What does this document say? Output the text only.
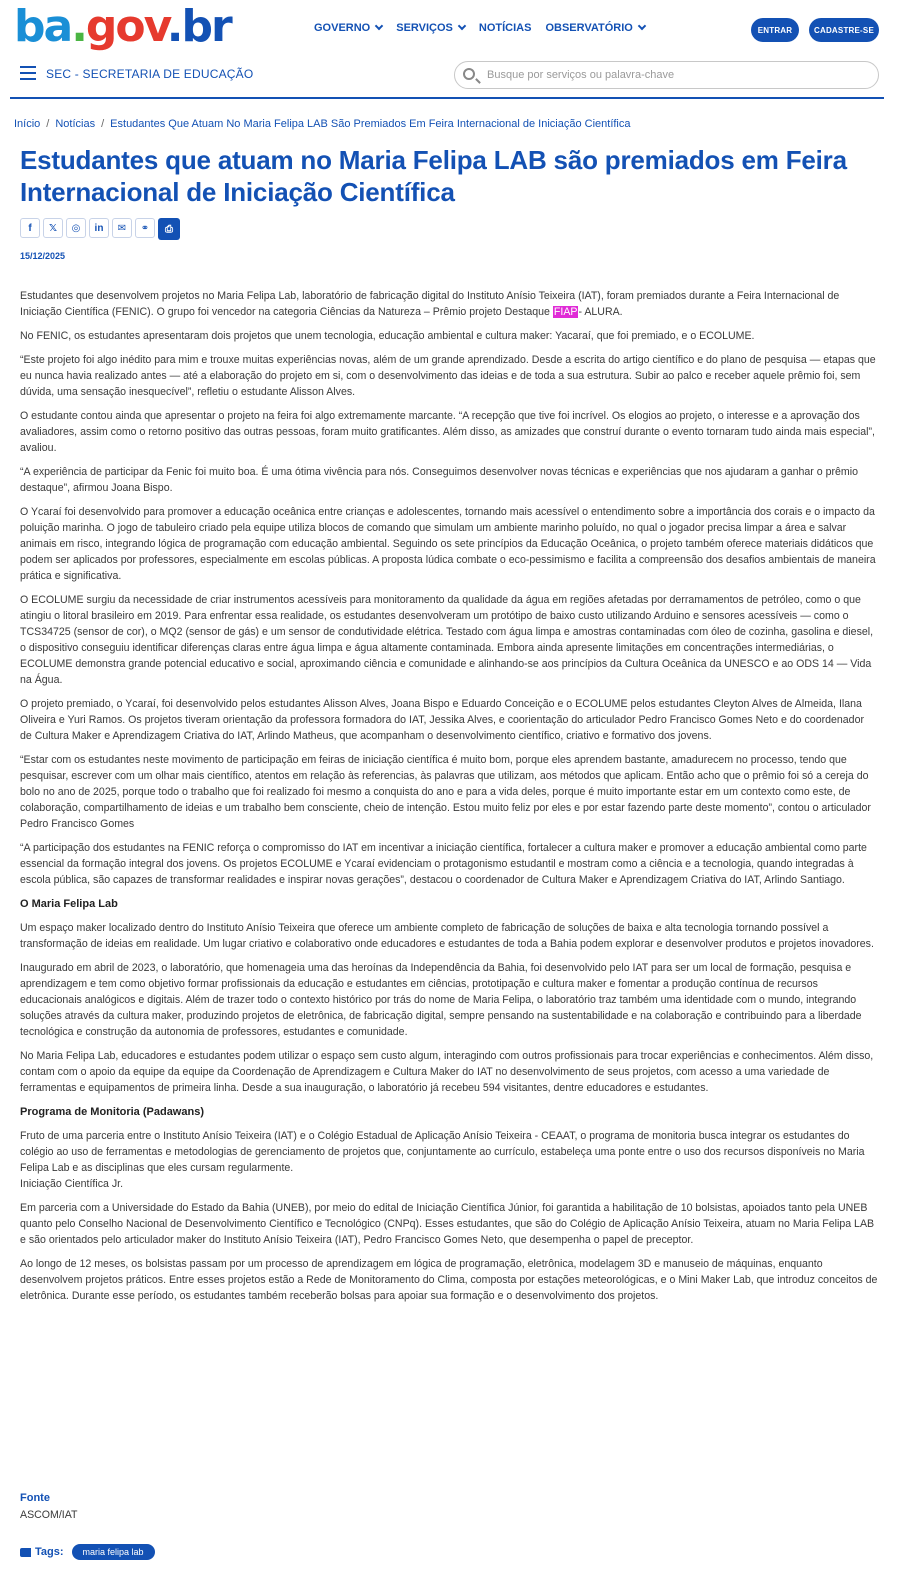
ba.gov.br	GOVERNO SERVIÇOS NOTÍCIAS OBSERVATÓRIO	ENTRAR	CADASTRE-SE
SEC - SECRETARIA DE EDUCAÇÃO
Busque por serviços ou palavra-chave
Início / Notícias / Estudantes Que Atuam No Maria Felipa LAB São Premiados Em Feira Internacional de Iniciação Científica
Estudantes que atuam no Maria Felipa LAB são premiados em Feira Internacional de Iniciação Científica
f	𝕏	◎	in	✉	⚭	⎙
15/12/2025

Estudantes que desenvolvem projetos no Maria Felipa Lab, laboratório de fabricação digital do Instituto Anísio Teixeira (IAT), foram premiados durante a Feira Internacional de Iniciação Científica (FENIC). O grupo foi vencedor na categoria Ciências da Natureza – Prêmio projeto Destaque FIAP- ALURA.

No FENIC, os estudantes apresentaram dois projetos que unem tecnologia, educação ambiental e cultura maker: Yacaraí, que foi premiado, e o ECOLUME.

“Este projeto foi algo inédito para mim e trouxe muitas experiências novas, além de um grande aprendizado. Desde a escrita do artigo científico e do plano de pesquisa — etapas que eu nunca havia realizado antes — até a elaboração do projeto em si, com o desenvolvimento das ideias e de toda a sua estrutura. Subir ao palco e receber aquele prêmio foi, sem dúvida, uma sensação inesquecível”, refletiu o estudante Alisson Alves.

O estudante contou ainda que apresentar o projeto na feira foi algo extremamente marcante. “A recepção que tive foi incrível. Os elogios ao projeto, o interesse e a aprovação dos avaliadores, assim como o retorno positivo das outras pessoas, foram muito gratificantes. Além disso, as amizades que construí durante o evento tornaram tudo ainda mais especial”, avaliou.

“A experiência de participar da Fenic foi muito boa. É uma ótima vivência para nós. Conseguimos desenvolver novas técnicas e experiências que nos ajudaram a ganhar o prêmio destaque”, afirmou Joana Bispo.

O Ycaraí foi desenvolvido para promover a educação oceânica entre crianças e adolescentes, tornando mais acessível o entendimento sobre a importância dos corais e o impacto da poluição marinha. O jogo de tabuleiro criado pela equipe utiliza blocos de comando que simulam um ambiente marinho poluído, no qual o jogador precisa limpar a área e salvar animais em risco, integrando lógica de programação com educação ambiental. Seguindo os sete princípios da Educação Oceânica, o projeto também oferece materiais didáticos que podem ser aplicados por professores, especialmente em escolas públicas. A proposta lúdica combate o eco-pessimismo e facilita a compreensão dos desafios ambientais de maneira prática e significativa.

O ECOLUME surgiu da necessidade de criar instrumentos acessíveis para monitoramento da qualidade da água em regiões afetadas por derramamentos de petróleo, como o que atingiu o litoral brasileiro em 2019. Para enfrentar essa realidade, os estudantes desenvolveram um protótipo de baixo custo utilizando Arduino e sensores acessíveis — como o TCS34725 (sensor de cor), o MQ2 (sensor de gás) e um sensor de condutividade elétrica. Testado com água limpa e amostras contaminadas com óleo de cozinha, gasolina e diesel, o dispositivo conseguiu identificar diferenças claras entre água limpa e água altamente contaminada. Embora ainda apresente limitações em concentrações intermediárias, o ECOLUME demonstra grande potencial educativo e social, aproximando ciência e comunidade e alinhando-se aos princípios da Cultura Oceânica da UNESCO e ao ODS 14 — Vida na Água.

O projeto premiado, o Ycaraí, foi desenvolvido pelos estudantes Alisson Alves, Joana Bispo e Eduardo Conceição e o ECOLUME pelos estudantes Cleyton Alves de Almeida, Ilana Oliveira e Yuri Ramos. Os projetos tiveram orientação da professora formadora do IAT, Jessika Alves, e coorientação do articulador Pedro Francisco Gomes Neto e do coordenador de Cultura Maker e Aprendizagem Criativa do IAT, Arlindo Matheus, que acompanham o desenvolvimento científico, criativo e formativo dos jovens.

“Estar com os estudantes neste movimento de participação em feiras de iniciação científica é muito bom, porque eles aprendem bastante, amadurecem no processo, tendo que pesquisar, escrever com um olhar mais científico, atentos em relação às referencias, às palavras que utilizam, aos métodos que aplicam. Então acho que o prêmio foi só a cereja do bolo no ano de 2025, porque todo o trabalho que foi realizado foi mesmo a conquista do ano e para a vida deles, porque é muito importante estar em um contexto como este, de colaboração, compartilhamento de ideias e um trabalho bem consciente, cheio de intenção. Estou muito feliz por eles e por estar fazendo parte deste momento”, contou o articulador Pedro Francisco Gomes

“A participação dos estudantes na FENIC reforça o compromisso do IAT em incentivar a iniciação científica, fortalecer a cultura maker e promover a educação ambiental como parte essencial da formação integral dos jovens. Os projetos ECOLUME e Ycaraí evidenciam o protagonismo estudantil e mostram como a ciência e a tecnologia, quando integradas à escola pública, são capazes de transformar realidades e inspirar novas gerações”, destacou o coordenador de Cultura Maker e Aprendizagem Criativa do IAT, Arlindo Santiago.

O Maria Felipa Lab

Um espaço maker localizado dentro do Instituto Anísio Teixeira que oferece um ambiente completo de fabricação de soluções de baixa e alta tecnologia tornando possível a transformação de ideias em realidade. Um lugar criativo e colaborativo onde educadores e estudantes de toda a Bahia podem explorar e desenvolver produtos e projetos inovadores.

Inaugurado em abril de 2023, o laboratório, que homenageia uma das heroínas da Independência da Bahia, foi desenvolvido pelo IAT para ser um local de formação, pesquisa e aprendizagem e tem como objetivo formar profissionais da educação e estudantes em ciências, prototipação e cultura maker e fomentar a produção contínua de recursos educacionais analógicos e digitais. Além de trazer todo o contexto histórico por trás do nome de Maria Felipa, o laboratório traz também uma identidade com o mundo, integrando soluções através da cultura maker, produzindo projetos de eletrônica, de fabricação digital, sempre pensando na sustentabilidade e na colaboração e contribuindo para a liberdade tecnológica e construção da autonomia de professores, estudantes e comunidade.

No Maria Felipa Lab, educadores e estudantes podem utilizar o espaço sem custo algum, interagindo com outros profissionais para trocar experiências e conhecimentos. Além disso, contam com o apoio da equipe da equipe da Coordenação de Aprendizagem e Cultura Maker do IAT no desenvolvimento de seus projetos, com acesso a uma variedade de ferramentas e equipamentos de primeira linha. Desde a sua inauguração, o laboratório já recebeu 594 visitantes, dentre educadores e estudantes.

Programa de Monitoria (Padawans)

Fruto de uma parceria entre o Instituto Anísio Teixeira (IAT) e o Colégio Estadual de Aplicação Anísio Teixeira - CEAAT, o programa de monitoria busca integrar os estudantes do colégio ao uso de ferramentas e metodologias de gerenciamento de projetos que, conjuntamente ao currículo, estabeleça uma ponte entre o uso dos recursos disponíveis no Maria Felipa Lab e as disciplinas que eles cursam regularmente.
Iniciação Científica Jr.

Em parceria com a Universidade do Estado da Bahia (UNEB), por meio do edital de Iniciação Científica Júnior, foi garantida a habilitação de 10 bolsistas, apoiados tanto pela UNEB quanto pelo Conselho Nacional de Desenvolvimento Científico e Tecnológico (CNPq). Esses estudantes, que são do Colégio de Aplicação Anísio Teixeira, atuam no Maria Felipa LAB e são orientados pelo articulador maker do Instituto Anísio Teixeira (IAT), Pedro Francisco Gomes Neto, que desempenha o papel de preceptor.

Ao longo de 12 meses, os bolsistas passam por um processo de aprendizagem em lógica de programação, eletrônica, modelagem 3D e manuseio de máquinas, enquanto desenvolvem projetos práticos. Entre esses projetos estão a Rede de Monitoramento do Clima, composta por estações meteorológicas, e o Mini Maker Lab, que introduz conceitos de eletrônica. Durante esse período, os estudantes também receberão bolsas para apoiar sua formação e o desenvolvimento dos projetos.

Fonte
ASCOM/IAT
Tags:	maria felipa lab
